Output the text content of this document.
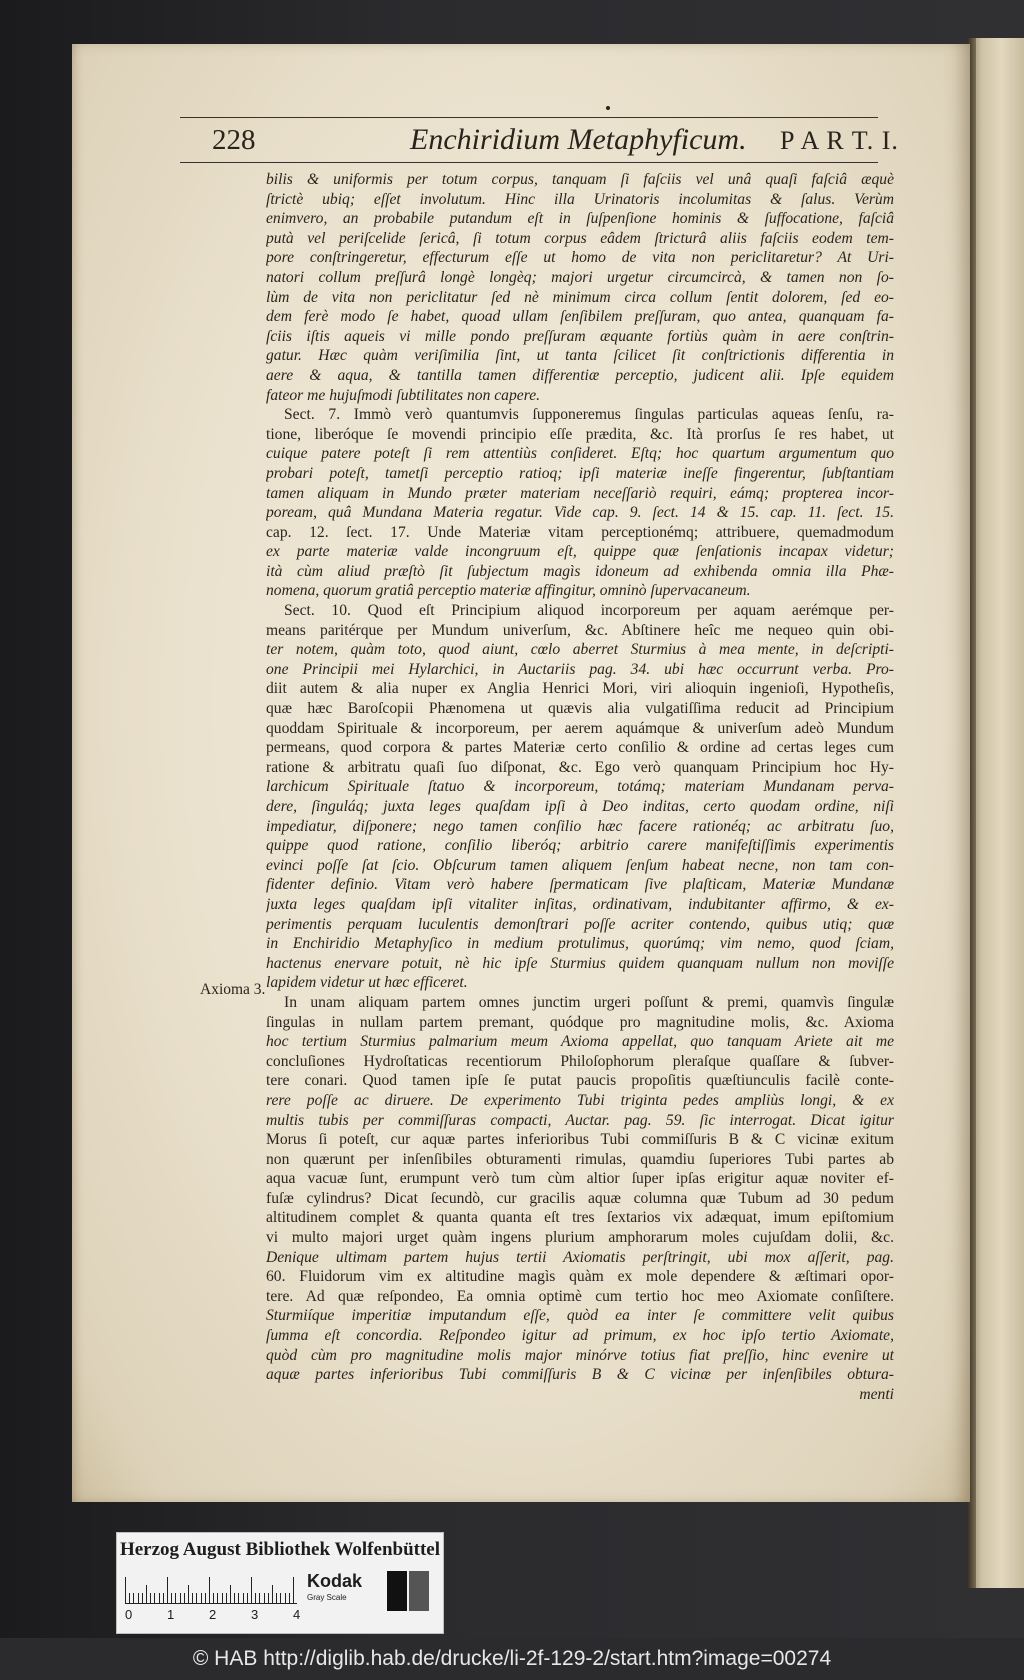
228	Enchiridium Metaphyficum. P A R T. I.
Axioma 3.
bilis & uniformis per totum corpus, tanquam ſi faſciis vel unâ quaſi faſciâ æquè
ſtrictè ubiq; eſſet involutum. Hinc illa Urinatoris incolumitas & ſalus. Verùm
enimvero, an probabile putandum eſt in ſuſpenſione hominis & ſuffocatione, faſciâ
putà vel periſcelide ſericâ, ſi totum corpus eâdem ſtricturâ aliis faſciis eodem tem-
pore conſtringeretur, effecturum eſſe ut homo de vita non periclitaretur? At Uri-
natori collum preſſurâ longè longèq; majori urgetur circumcircà, & tamen non ſo-
lùm de vita non periclitatur ſed nè minimum circa collum ſentit dolorem, ſed eo-
dem ferè modo ſe habet, quoad ullam ſenſibilem preſſuram, quo antea, quanquam fa-
ſciis iſtis aqueis vi mille pondo preſſuram æquante fortiùs quàm in aere conſtrin-
gatur. Hæc quàm veriſimilia ſint, ut tanta ſcilicet ſit conſtrictionis differentia in
aere & aqua, & tantilla tamen differentiæ perceptio, judicent alii. Ipſe equidem
fateor me hujuſmodi ſubtilitates non capere.
Sect. 7. Immò verò quantumvis ſupponeremus ſingulas particulas aqueas ſenſu, ra-
tione, liberóque ſe movendi principio eſſe prædita, &c. Ità prorſus ſe res habet, ut
cuique patere poteſt ſi rem attentiùs conſideret. Eſtq; hoc quartum argumentum quo
probari poteſt, tametſi perceptio ratioq; ipſi materiæ ineſſe fingerentur, ſubſtantiam
tamen aliquam in Mundo præter materiam neceſſariò requiri, eámq; propterea incor-
poream, quâ Mundana Materia regatur. Vide cap. 9. ſect. 14 & 15. cap. 11. ſect. 15.
cap. 12. ſect. 17. Unde Materiæ vitam perceptionémq; attribuere, quemadmodum
ex parte materiæ valde incongruum eſt, quippe quæ ſenſationis incapax videtur;
ità cùm aliud præſtò ſit ſubjectum magìs idoneum ad exhibenda omnia illa Phæ-
nomena, quorum gratiâ perceptio materiæ affingitur, omninò ſupervacaneum.
Sect. 10. Quod eſt Principium aliquod incorporeum per aquam aerémque per-
means paritérque per Mundum univerſum, &c. Abſtinere heîc me nequeo quin obi-
ter notem, quàm toto, quod aiunt, cœlo aberret Sturmius à mea mente, in deſcripti-
one Principii mei Hylarchici, in Auctariis pag. 34. ubi hæc occurrunt verba. Pro-
diit autem & alia nuper ex Anglia Henrici Mori, viri alioquin ingenioſi, Hypotheſis,
quæ hæc Baroſcopii Phænomena ut quævis alia vulgatiſſima reducit ad Principium
quoddam Spirituale & incorporeum, per aerem aquámque & univerſum adeò Mundum
permeans, quod corpora & partes Materiæ certo conſilio & ordine ad certas leges cum
ratione & arbitratu quaſi ſuo diſponat, &c. Ego verò quanquam Principium hoc Hy-
larchicum Spirituale ſtatuo & incorporeum, totámq; materiam Mundanam perva-
dere, ſinguláq; juxta leges quaſdam ipſi à Deo inditas, certo quodam ordine, niſi
impediatur, diſponere; nego tamen conſilio hæc facere rationéq; ac arbitratu ſuo,
quippe quod ratione, conſilio liberóq; arbitrio carere manifeſtiſſimis experimentis
evinci poſſe ſat ſcio. Obſcurum tamen aliquem ſenſum habeat necne, non tam con-
fidenter definio. Vitam verò habere ſpermaticam ſive plaſticam, Materiæ Mundanæ
juxta leges quaſdam ipſi vitaliter inſitas, ordinativam, indubitanter affirmo, & ex-
perimentis perquam luculentis demonſtrari poſſe acriter contendo, quibus utiq; quæ
in Enchiridio Metaphyſico in medium protulimus, quorúmq; vim nemo, quod ſciam,
hactenus enervare potuit, nè hic ipſe Sturmius quidem quanquam nullum non moviſſe
lapidem videtur ut hæc efficeret.
In unam aliquam partem omnes junctim urgeri poſſunt & premi, quamvìs ſingulæ
ſingulas in nullam partem premant, quódque pro magnitudine molis, &c. Axioma
hoc tertium Sturmius palmarium meum Axioma appellat, quo tanquam Ariete ait me
concluſiones Hydroſtaticas recentiorum Philoſophorum pleraſque quaſſare & ſubver-
tere conari. Quod tamen ipſe ſe putat paucis propoſitis quæſtiunculis facilè conte-
rere poſſe ac diruere. De experimento Tubi triginta pedes ampliùs longi, & ex
multis tubis per commiſſuras compacti, Auctar. pag. 59. ſic interrogat. Dicat igitur
Morus ſi poteſt, cur aquæ partes inferioribus Tubi commiſſuris B & C vicinæ exitum
non quærunt per inſenſibiles obturamenti rimulas, quamdiu ſuperiores Tubi partes ab
aqua vacuæ ſunt, erumpunt verò tum cùm altior ſuper ipſas erigitur aquæ noviter ef-
fuſæ cylindrus? Dicat ſecundò, cur gracilis aquæ columna quæ Tubum ad 30 pedum
altitudinem complet & quanta quanta eſt tres ſextarios vix adæquat, imum epiſtomium
vi multo majori urget quàm ingens plurium amphorarum moles cujuſdam dolii, &c.
Denique ultimam partem hujus tertii Axiomatis perſtringit, ubi mox aſſerit, pag.
60. Fluidorum vim ex altitudine magìs quàm ex mole dependere & æſtimari opor-
tere. Ad quæ reſpondeo, Ea omnia optimè cum tertio hoc meo Axiomate conſiſtere.
Sturmiíque imperitiæ imputandum eſſe, quòd ea inter ſe committere velit quibus
ſumma eſt concordia. Reſpondeo igitur ad primum, ex hoc ipſo tertio Axiomate,
quòd cùm pro magnitudine molis major minórve totius fiat preſſio, hinc evenire ut
aquæ partes inferioribus Tubi commiſſuris B & C vicinæ per inſenſibiles obtura-
menti
Herzog August Bibliothek Wolfenbüttel
0	1	2	3	4
Kodak
Gray Scale
© HAB http://diglib.hab.de/drucke/li-2f-129-2/start.htm?image=00274
